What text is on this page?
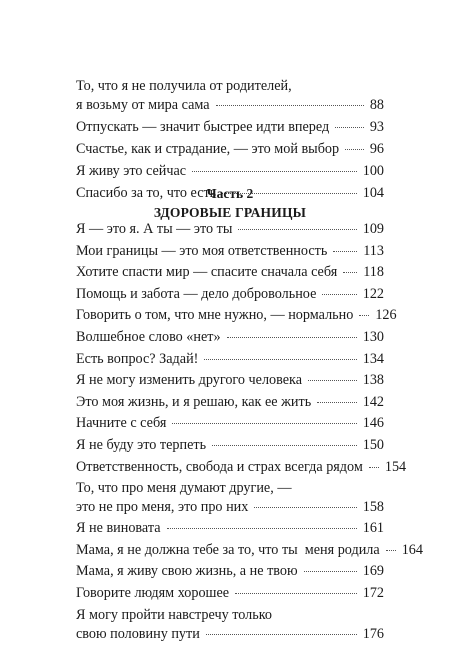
То, что я не получила от родителей,
я возьму от мира сама	88
Отпускать — значит быстрее идти вперед	93
Счастье, как и страдание, — это мой выбор 96
Я живу это сейчас	100
Спасибо за то, что есть	104
Часть 2
ЗДОРОВЫЕ ГРАНИЦЫ
Я — это я. А ты — это ты	109
Мои границы — это моя ответственность	113
Хотите спасти мир — спасите сначала себя 118
Помощь и забота — дело добровольное	122
Говорить о том, что мне нужно, — нормально 126
Волшебное слово «нет»	130
Есть вопрос? Задай!	134
Я не могу изменить другого человека	138
Это моя жизнь, и я решаю, как ее жить	142
Начните с себя	146
Я не буду это терпеть	150
Ответственность, свобода и страх всегда рядом 154
То, что про меня думают другие, —
это не про меня, это про них	158
Я не виновата	161
Мама, я не должна тебе за то, что ты  меня родила 164
Мама, я живу свою жизнь, а не твою	169
Говорите людям хорошее	172
Я могу пройти навстречу только
свою половину пути	176
